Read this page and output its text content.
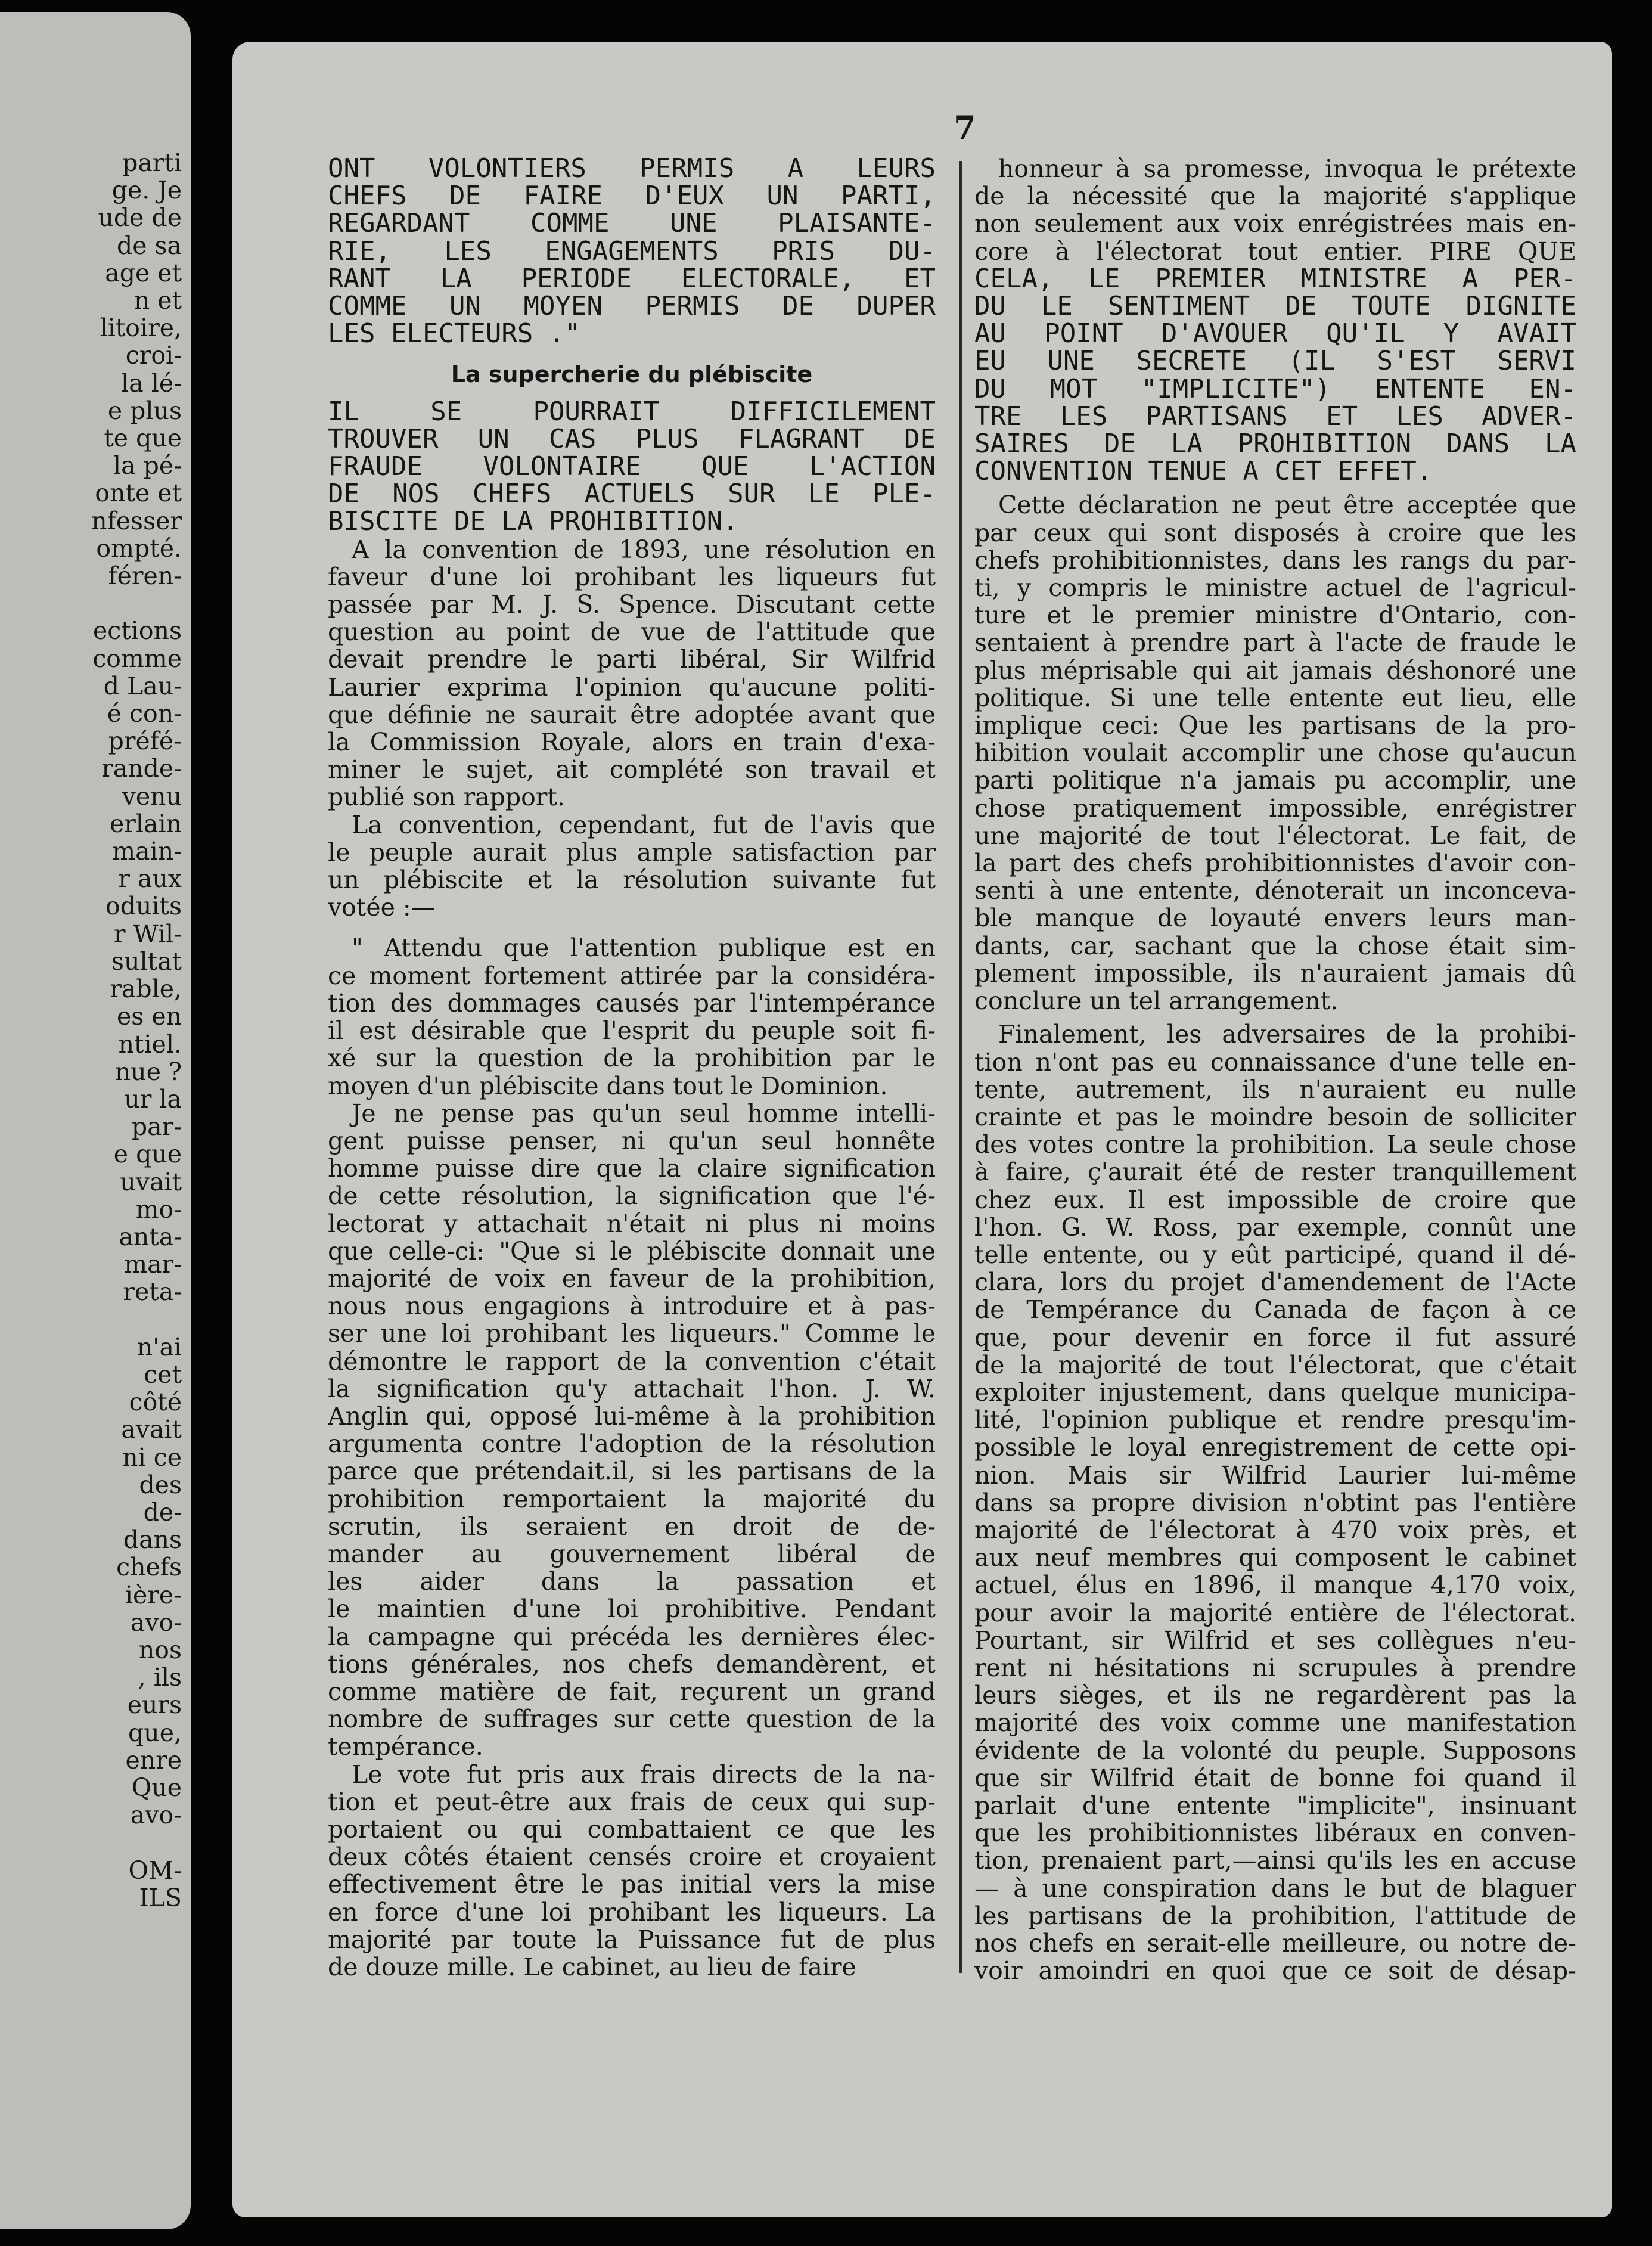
7
ONT VOLONTIERS PERMIS A LEURS
CHEFS DE FAIRE D'EUX UN PARTI,
REGARDANT COMME UNE PLAISANTE-
RIE, LES ENGAGEMENTS PRIS DU-
RANT LA PERIODE ELECTORALE, ET
COMME UN MOYEN PERMIS DE DUPER
LES ELECTEURS ."
La supercherie du plébiscite
IL SE POURRAIT DIFFICILEMENT
TROUVER UN CAS PLUS FLAGRANT DE
FRAUDE VOLONTAIRE QUE L'ACTION
DE NOS CHEFS ACTUELS SUR LE PLE-
BISCITE DE LA PROHIBITION.
A la convention de 1893, une résolution en
faveur d'une loi prohibant les liqueurs fut
passée par M. J. S. Spence. Discutant cette
question au point de vue de l'attitude que
devait prendre le parti libéral, Sir Wilfrid
Laurier exprima l'opinion qu'aucune politi-
que définie ne saurait être adoptée avant que
la Commission Royale, alors en train d'exa-
miner le sujet, ait complété son travail et
publié son rapport.
La convention, cependant, fut de l'avis que
le peuple aurait plus ample satisfaction par
un plébiscite et la résolution suivante fut
votée :—
" Attendu que l'attention publique est en
ce moment fortement attirée par la considéra-
tion des dommages causés par l'intempérance
il est désirable que l'esprit du peuple soit fi-
xé sur la question de la prohibition par le
moyen d'un plébiscite dans tout le Dominion.
Je ne pense pas qu'un seul homme intelli-
gent puisse penser, ni qu'un seul honnête
homme puisse dire que la claire signification
de cette résolution, la signification que l'é-
lectorat y attachait n'était ni plus ni moins
que celle-ci: "Que si le plébiscite donnait une
majorité de voix en faveur de la prohibition,
nous nous engagions à introduire et à pas-
ser une loi prohibant les liqueurs." Comme le
démontre le rapport de la convention c'était
la signification qu'y attachait l'hon. J. W.
Anglin qui, opposé lui-même à la prohibition
argumenta contre l'adoption de la résolution
parce que prétendait.il, si les partisans de la
prohibition remportaient la majorité du
scrutin, ils seraient en droit de de-
mander au gouvernement libéral de
les aider dans la passation et
le maintien d'une loi prohibitive. Pendant
la campagne qui précéda les dernières élec-
tions générales, nos chefs demandèrent, et
comme matière de fait, reçurent un grand
nombre de suffrages sur cette question de la
tempérance.
Le vote fut pris aux frais directs de la na-
tion et peut-être aux frais de ceux qui sup-
portaient ou qui combattaient ce que les
deux côtés étaient censés croire et croyaient
effectivement être le pas initial vers la mise
en force d'une loi prohibant les liqueurs. La
majorité par toute la Puissance fut de plus
de douze mille. Le cabinet, au lieu de faire
honneur à sa promesse, invoqua le prétexte
de la nécessité que la majorité s'applique
non seulement aux voix enrégistrées mais en-
core à l'électorat tout entier. PIRE QUE
CELA, LE PREMIER MINISTRE A PER-
DU LE SENTIMENT DE TOUTE DIGNITE
AU POINT D'AVOUER QU'IL Y AVAIT
EU UNE SECRETE (IL S'EST SERVI
DU MOT "IMPLICITE") ENTENTE EN-
TRE LES PARTISANS ET LES ADVER-
SAIRES DE LA PROHIBITION DANS LA
CONVENTION TENUE A CET EFFET.
Cette déclaration ne peut être acceptée que
par ceux qui sont disposés à croire que les
chefs prohibitionnistes, dans les rangs du par-
ti, y compris le ministre actuel de l'agricul-
ture et le premier ministre d'Ontario, con-
sentaient à prendre part à l'acte de fraude le
plus méprisable qui ait jamais déshonoré une
politique. Si une telle entente eut lieu, elle
implique ceci: Que les partisans de la pro-
hibition voulait accomplir une chose qu'aucun
parti politique n'a jamais pu accomplir, une
chose pratiquement impossible, enrégistrer
une majorité de tout l'électorat. Le fait, de
la part des chefs prohibitionnistes d'avoir con-
senti à une entente, dénoterait un inconceva-
ble manque de loyauté envers leurs man-
dants, car, sachant que la chose était sim-
plement impossible, ils n'auraient jamais dû
conclure un tel arrangement.
Finalement, les adversaires de la prohibi-
tion n'ont pas eu connaissance d'une telle en-
tente, autrement, ils n'auraient eu nulle
crainte et pas le moindre besoin de solliciter
des votes contre la prohibition. La seule chose
à faire, ç'aurait été de rester tranquillement
chez eux. Il est impossible de croire que
l'hon. G. W. Ross, par exemple, connût une
telle entente, ou y eût participé, quand il dé-
clara, lors du projet d'amendement de l'Acte
de Tempérance du Canada de façon à ce
que, pour devenir en force il fut assuré
de la majorité de tout l'électorat, que c'était
exploiter injustement, dans quelque municipa-
lité, l'opinion publique et rendre presqu'im-
possible le loyal enregistrement de cette opi-
nion. Mais sir Wilfrid Laurier lui-même
dans sa propre division n'obtint pas l'entière
majorité de l'électorat à 470 voix près, et
aux neuf membres qui composent le cabinet
actuel, élus en 1896, il manque 4,170 voix,
pour avoir la majorité entière de l'électorat.
Pourtant, sir Wilfrid et ses collègues n'eu-
rent ni hésitations ni scrupules à prendre
leurs sièges, et ils ne regardèrent pas la
majorité des voix comme une manifestation
évidente de la volonté du peuple. Supposons
que sir Wilfrid était de bonne foi quand il
parlait d'une entente "implicite", insinuant
que les prohibitionnistes libéraux en conven-
tion, prenaient part,—ainsi qu'ils les en accuse
— à une conspiration dans le but de blaguer
les partisans de la prohibition, l'attitude de
nos chefs en serait-elle meilleure, ou notre de-
voir amoindri en quoi que ce soit de désap-
parti
ge. Je
ude de
de sa
age et
n et
litoire,
croi-
la lé-
e plus
te que
la pé-
onte et
nfesser
ompté.
féren-

ections
comme
d Lau-
é con-
préfé-
rande-
venu
erlain
main-
r aux
oduits
r Wil-
sultat
rable,
es en
ntiel.
nue ?
ur la
par-
e que
uvait
mo-
anta-
mar-
reta-

n'ai
cet
côté
avait
ni ce
des
de-
dans
chefs
ière-
avo-
nos
, ils
eurs
que,
enre
Que
avo-

OM-
ILS
